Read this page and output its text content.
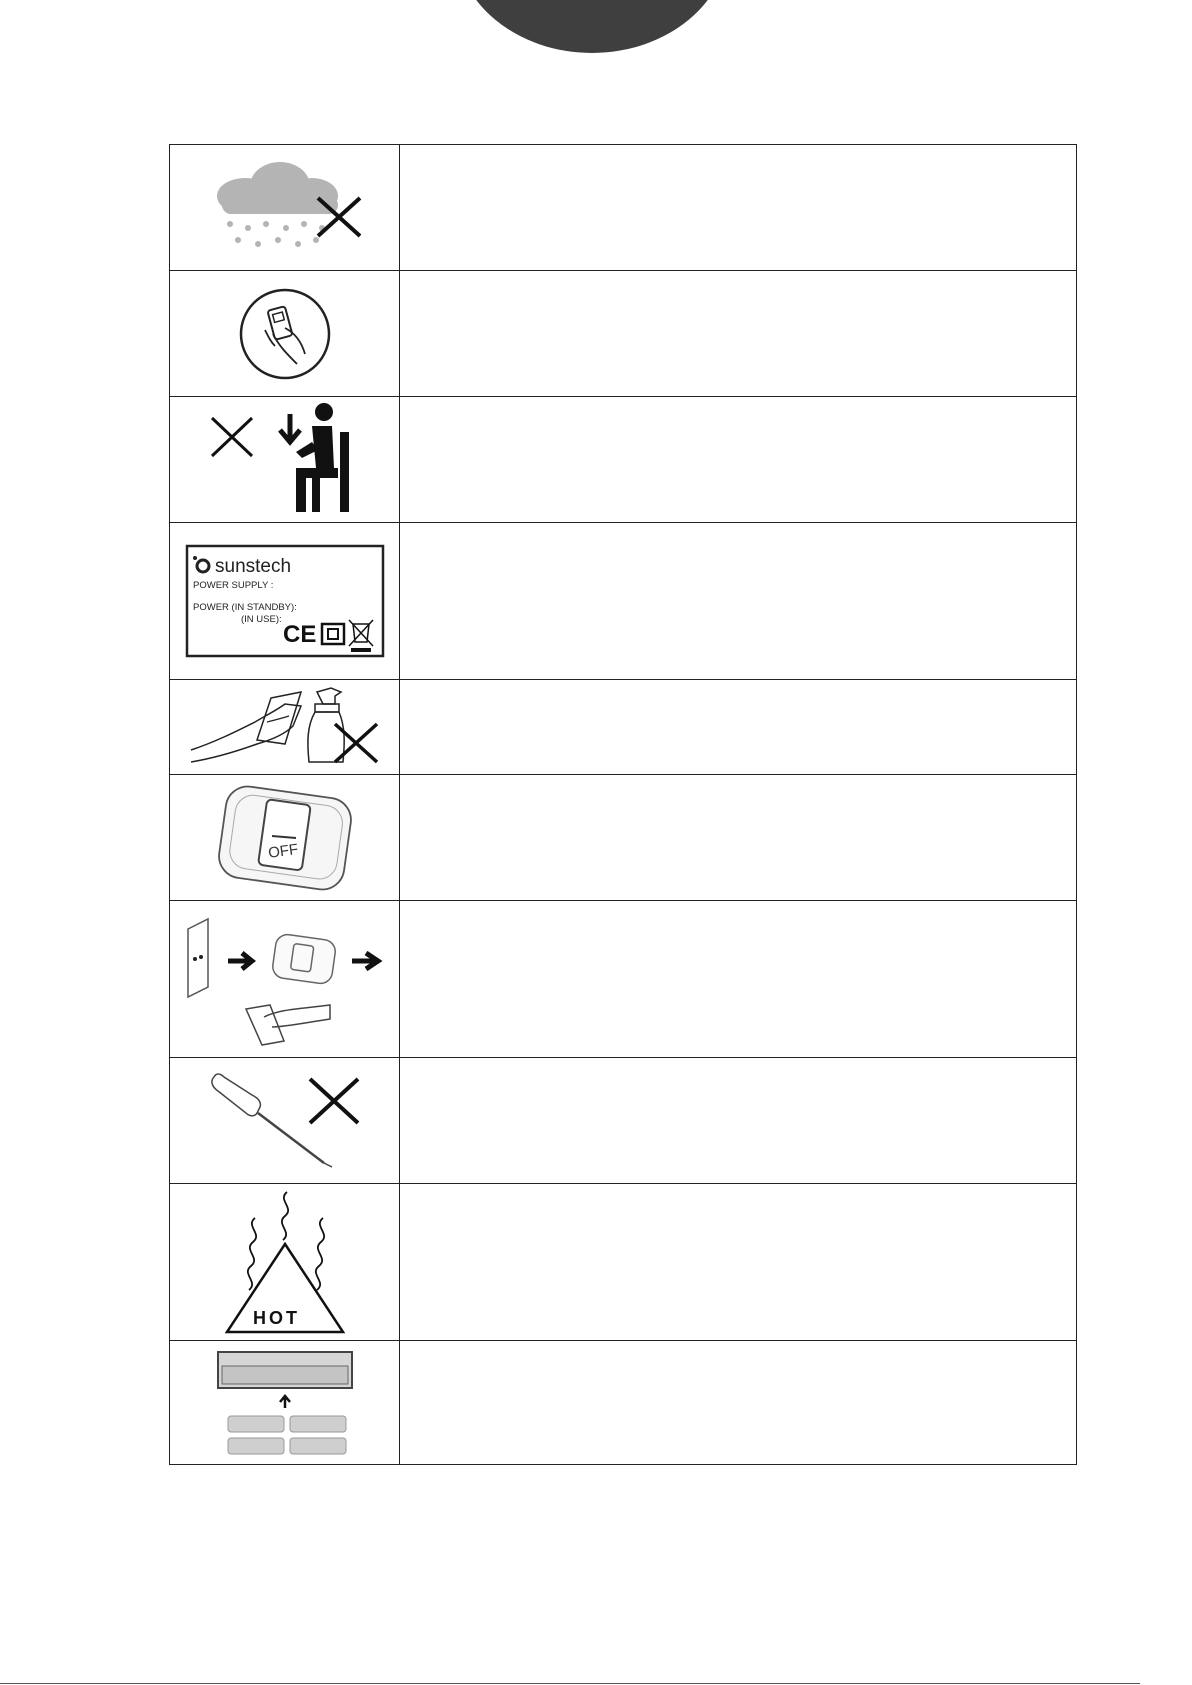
sunstech
POWER SUPPLY :
POWER (IN STANDBY):
(IN USE):
CE	

OFF	

HOT	
